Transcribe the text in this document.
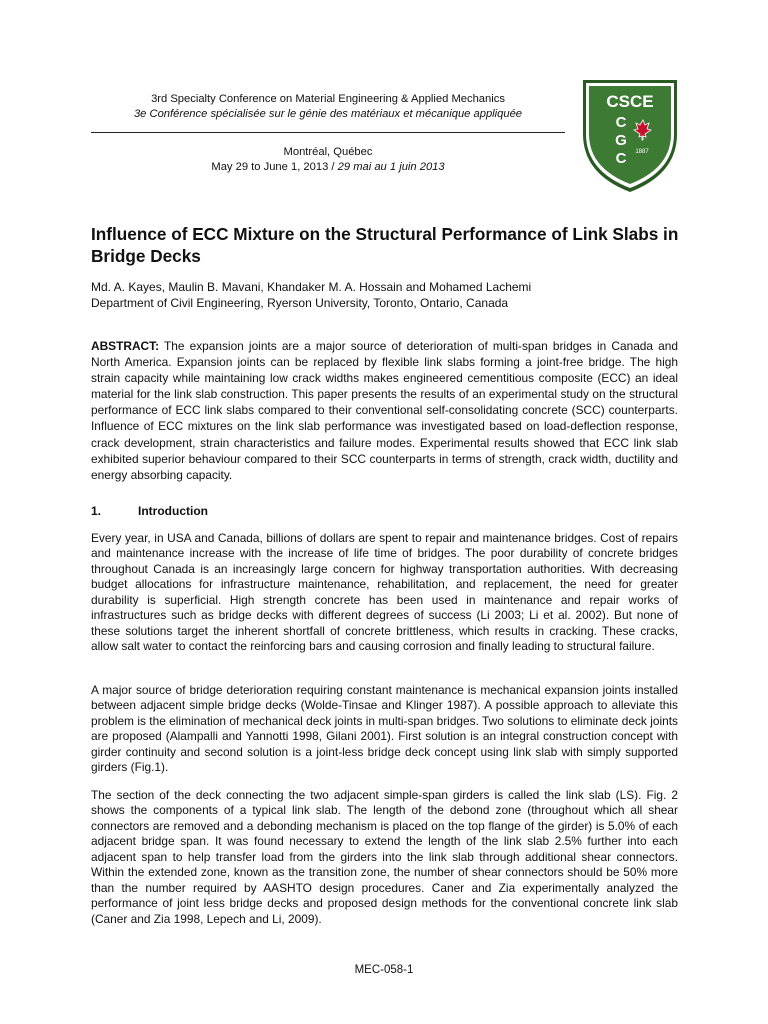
3rd Specialty Conference on Material Engineering & Applied Mechanics
3e Conférence spécialisée sur le génie des matériaux et mécanique appliquée
Montréal, Québec
May 29 to June 1, 2013 / 29 mai au 1 juin 2013
CSCE
C
G
C 1887
Influence of ECC Mixture on the Structural Performance of Link Slabs in Bridge Decks
Md. A. Kayes, Maulin B. Mavani, Khandaker M. A. Hossain and Mohamed Lachemi
Department of Civil Engineering, Ryerson University, Toronto, Ontario, Canada

ABSTRACT: The expansion joints are a major source of deterioration of multi-span bridges in Canada and North America. Expansion joints can be replaced by flexible link slabs forming a joint-free bridge. The high strain capacity while maintaining low crack widths makes engineered cementitious composite (ECC) an ideal material for the link slab construction. This paper presents the results of an experimental study on the structural performance of ECC link slabs compared to their conventional self-consolidating concrete (SCC) counterparts. Influence of ECC mixtures on the link slab performance was investigated based on load-deflection response, crack development, strain characteristics and failure modes. Experimental results showed that ECC link slab exhibited superior behaviour compared to their SCC counterparts in terms of strength, crack width, ductility and energy absorbing capacity.

1.	Introduction

Every year, in USA and Canada, billions of dollars are spent to repair and maintenance bridges. Cost of repairs and maintenance increase with the increase of life time of bridges. The poor durability of concrete bridges throughout Canada is an increasingly large concern for highway transportation authorities. With decreasing budget allocations for infrastructure maintenance, rehabilitation, and replacement, the need for greater durability is superficial. High strength concrete has been used in maintenance and repair works of infrastructures such as bridge decks with different degrees of success (Li 2003; Li et al. 2002). But none of these solutions target the inherent shortfall of concrete brittleness, which results in cracking. These cracks, allow salt water to contact the reinforcing bars and causing corrosion and finally leading to structural failure.

A major source of bridge deterioration requiring constant maintenance is mechanical expansion joints installed between adjacent simple bridge decks (Wolde-Tinsae and Klinger 1987). A possible approach to alleviate this problem is the elimination of mechanical deck joints in multi-span bridges. Two solutions to eliminate deck joints are proposed (Alampalli and Yannotti 1998, Gilani 2001). First solution is an integral construction concept with girder continuity and second solution is a joint-less bridge deck concept using link slab with simply supported girders (Fig.1).

The section of the deck connecting the two adjacent simple-span girders is called the link slab (LS). Fig. 2 shows the components of a typical link slab. The length of the debond zone (throughout which all shear connectors are removed and a debonding mechanism is placed on the top flange of the girder) is 5.0% of each adjacent bridge span. It was found necessary to extend the length of the link slab 2.5% further into each adjacent span to help transfer load from the girders into the link slab through additional shear connectors. Within the extended zone, known as the transition zone, the number of shear connectors should be 50% more than the number required by AASHTO design procedures. Caner and Zia experimentally analyzed the performance of joint less bridge decks and proposed design methods for the conventional concrete link slab (Caner and Zia 1998, Lepech and Li, 2009).

MEC-058-1
